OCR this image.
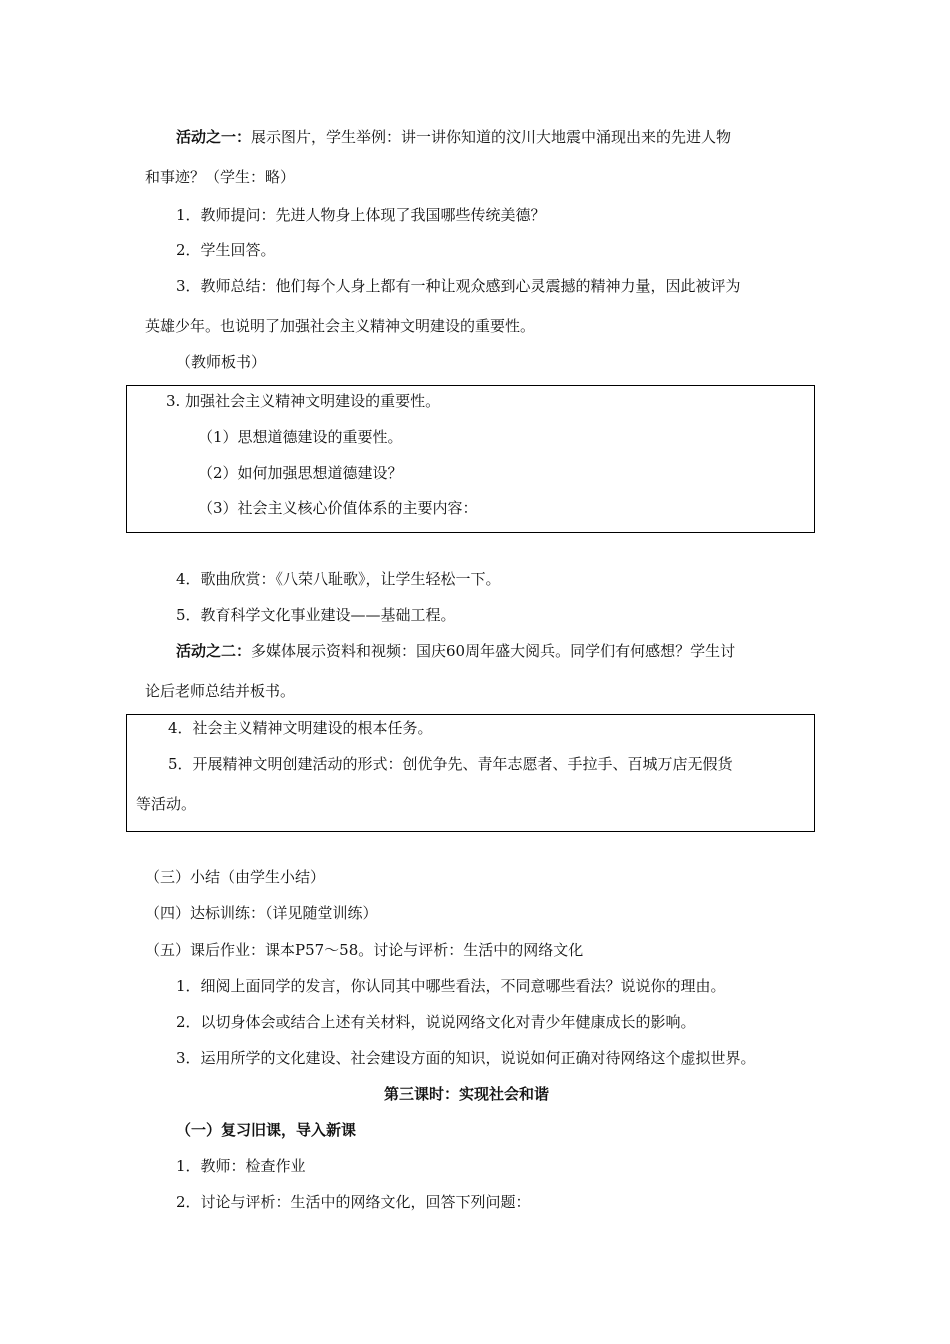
活动之一：展示图片，学生举例：讲一讲你知道的汶川大地震中涌现出来的先进人物
和事迹？（学生：略）
1．教师提问：先进人物身上体现了我国哪些传统美德？
2．学生回答。
3．教师总结：他们每个人身上都有一种让观众感到心灵震撼的精神力量，因此被评为
英雄少年。也说明了加强社会主义精神文明建设的重要性。
（教师板书）
3. 加强社会主义精神文明建设的重要性。
（1）思想道德建设的重要性。
（2）如何加强思想道德建设？
（3）社会主义核心价值体系的主要内容：
4．歌曲欣赏：《八荣八耻歌》，让学生轻松一下。
5．教育科学文化事业建设——基础工程。
活动之二：多媒体展示资料和视频：国庆60周年盛大阅兵。同学们有何感想？学生讨
论后老师总结并板书。
4．社会主义精神文明建设的根本任务。
5．开展精神文明创建活动的形式：创优争先、青年志愿者、手拉手、百城万店无假货
等活动。
（三）小结（由学生小结）
（四）达标训练：（详见随堂训练）
（五）课后作业：课本P57～58。讨论与评析：生活中的网络文化
1．细阅上面同学的发言，你认同其中哪些看法，不同意哪些看法？说说你的理由。
2．以切身体会或结合上述有关材料，说说网络文化对青少年健康成长的影响。
3．运用所学的文化建设、社会建设方面的知识，说说如何正确对待网络这个虚拟世界。
第三课时：实现社会和谐
（一）复习旧课，导入新课
1．教师：检查作业
2．讨论与评析：生活中的网络文化，回答下列问题：
